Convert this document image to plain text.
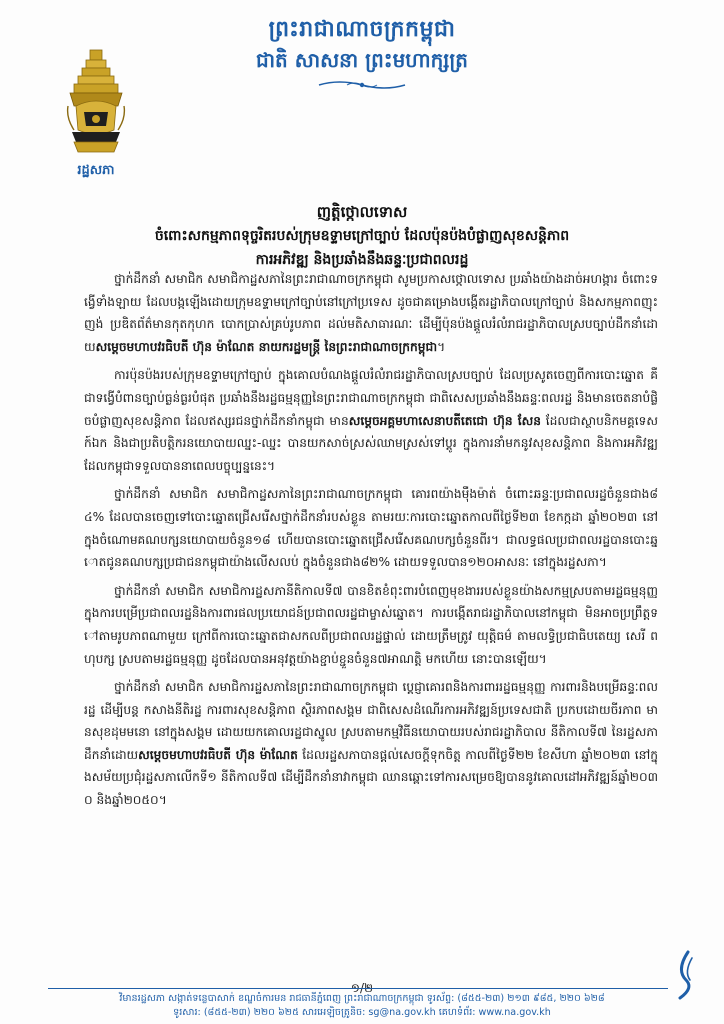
ព្រះរាជាណាចក្រកម្ពុជា
ជាតិ សាសនា ព្រះមហាក្សត្រ
រដ្ឋសភា
ញត្តិថ្កោលទោស
ចំពោះសកម្មភាពទុច្ចរិតរបស់ក្រុមឧទ្ទាមក្រៅច្បាប់ ដែលប៉ុនប៉ងបំផ្លាញសុខសន្តិភាព
ការអភិវឌ្ឍ និងប្រឆាំងនឹងឆន្ទៈប្រជាពលរដ្ឋ

ថ្នាក់ដឹកនាំ សមាជិក សមាជិកាដ្ឋសភានៃព្រះរាជាណាចក្រកម្ពុជា សូមប្រកាសថ្កោលទោស ប្រឆាំងយ៉ាងដាច់អហង្ការ ចំពោះទង្វើទាំងឡាយ ដែលបង្កឡើងដោយក្រុមឧទ្ទាមក្រៅច្បាប់នៅក្រៅប្រទេស ដូចជាគម្រោងបង្កើតរដ្ឋាភិបាលក្រៅច្បាប់ និងសកម្មភាពញុះញង់ ប្រឌិតព័ត៌មានកុតកុហក បោកប្រាស់គ្រប់រូបភាព ដល់មតិសាធារណៈ ដើម្បីប៉ុនប៉ងផ្តួលរំលំរាជរដ្ឋាភិបាលស្របច្បាប់ដឹកនាំដោយសម្តេចមហាបវរធិបតី ហ៊ុន ម៉ាណែត នាយករដ្ឋមន្ត្រី នៃព្រះរាជាណាចក្រកម្ពុជា។

ការប៉ុនប៉ងរបស់ក្រុមឧទ្ទាមក្រៅច្បាប់ ក្នុងគោលបំណងផ្តួលរំលំរាជរដ្ឋាភិបាលស្របច្បាប់ ដែលប្រសូតចេញពីការបោះឆ្នោត គឺជាទង្វើបំពានច្បាប់ធ្ងន់ធ្ងរបំផុត ប្រឆាំងនឹងរដ្ឋធម្មនុញ្ញនៃព្រះរាជាណាចក្រកម្ពុជា ជាពិសេសប្រឆាំងនឹងឆន្ទៈពលរដ្ឋ និងមានចេតនាបំផ្លិចបំផ្លាញសុខសន្តិភាព ដែលឥស្សរជនថ្នាក់ដឹកនាំកម្ពុជា មានសម្តេចអគ្គមហាសេនាបតីតេជោ ហ៊ុន សែន ដែលជាស្ថាបនិកមគ្គទេសក៍ឯក និងជាប្រតិបត្តិករនយោបាយឈ្នះ-ឈ្នះ បានយកសាច់ស្រស់ឈាមស្រស់ទៅប្តូរ ក្នុងការនាំមកនូវសុខសន្តិភាព និងការអភិវឌ្ឍ ដែលកម្ពុជាទទួលបាននាពេលបច្ចុប្បន្ននេះ។

ថ្នាក់ដឹកនាំ សមាជិក សមាជិកាដ្ឋសភានៃព្រះរាជាណាចក្រកម្ពុជា គោរពយ៉ាងម៉ឺងម៉ាត់ ចំពោះឆន្ទៈប្រជាពលរដ្ឋចំនួនជាង៨៤% ដែលបានចេញទៅបោះឆ្នោតជ្រើសរើសថ្នាក់ដឹកនាំរបស់ខ្លួន តាមរយៈការបោះឆ្នោតកាលពីថ្ងៃទី២៣ ខែកក្កដា ឆ្នាំ២០២៣ នៅក្នុងចំណោមគណបក្សនយោបាយចំនួន១៨ ហើយបានបោះឆ្នោតជ្រើសរើសគណបក្សចំនួនពីរ។ ជាលទ្ធផលប្រជាពលរដ្ឋបានបោះឆ្នោតជូនគណបក្សប្រជាជនកម្ពុជាយ៉ាងលើសលប់ ក្នុងចំនួនជាង៨២% ដោយទទួលបាន១២០អាសនៈ នៅក្នុងរដ្ឋសភា។

ថ្នាក់ដឹកនាំ សមាជិក សមាជិការដ្ឋសភានីតិកាលទី៧ បានខិតខំពុះពារបំពេញមុខងាររបស់ខ្លួនយ៉ាងសកម្មស្របតាមរដ្ឋធម្មនុញ្ញក្នុងការបម្រើប្រជាពលរដ្ឋនិងការពារផលប្រយោជន៍ប្រជាពលរដ្ឋជាម្ចាស់ឆ្នោត។ ការបង្កើតរាជរដ្ឋាភិបាលនៅកម្ពុជា មិនអាចប្រព្រឹត្តទៅតាមរូបភាពណាមួយ ក្រៅពីការបោះឆ្នោតជាសកលពីប្រជាពលរដ្ឋផ្ទាល់ ដោយត្រឹមត្រូវ យុត្តិធម៌ តាមលទ្ធិប្រជាធិបតេយ្យ សេរី ពហុបក្ស ស្របតាមរដ្ឋធម្មនុញ្ញ ដូចដែលបានអនុវត្តយ៉ាងខ្ជាប់ខ្ជួនចំនួន៧អាណត្តិ មកហើយ នោះបានឡើយ។

ថ្នាក់ដឹកនាំ សមាជិក សមាជិការដ្ឋសភានៃព្រះរាជាណាចក្រកម្ពុជា ប្តេជ្ញាគោរពនិងការពាររដ្ឋធម្មនុញ្ញ ការពារនិងបម្រើឆន្ទៈពលរដ្ឋ ដើម្បីបន្ត កសាងនីតិរដ្ឋ ការពារសុខសន្តិភាព ស្ថិរភាពសង្គម ជាពិសេសដំណើរការអភិវឌ្ឍន៍ប្រទេសជាតិ ប្រកបដោយចីរភាព មានសុខដុមមនោ នៅក្នុងសង្គម ដោយយកគោលរដ្ឋជាស្នូល ស្របតាមកម្មវិធីនយោបាយរបស់រាជរដ្ឋាភិបាល នីតិកាលទី៧ នៃរដ្ឋសភា ដឹកនាំដោយសម្តេចមហាបវរធិបតី ហ៊ុន ម៉ាណែត ដែលរដ្ឋសភាបានផ្តល់សេចក្តីទុកចិត្ត កាលពីថ្ងៃទី២២ ខែសីហា ឆ្នាំ២០២៣ នៅក្នុងសម័យប្រជុំរដ្ឋសភាលើកទី១ នីតិកាលទី៧ ដើម្បីដឹកនាំនាវាកម្ពុជា ឈានឆ្ពោះទៅការសម្រេចឱ្យបាននូវគោលដៅអភិវឌ្ឍន៍ឆ្នាំ២០៣០ និងឆ្នាំ២០៥០។

១/២
វិមានរដ្ឋសភា សង្កាត់ទន្លេបាសាក់ ខណ្ឌចំការមន រាជធានីភ្នំពេញ ព្រះរាជាណាចក្រកម្ពុជា ទូរស័ព្ទ: (៨៥៥-២៣) ២១៣ ៩៨៥, ២២០ ៦២៨
ទូរសារ: (៨៥៥-២៣) ២២០ ៦២៥ សារអេឡិចត្រូនិច: sg@na.gov.kh គេហទំព័រ: www.na.gov.kh
